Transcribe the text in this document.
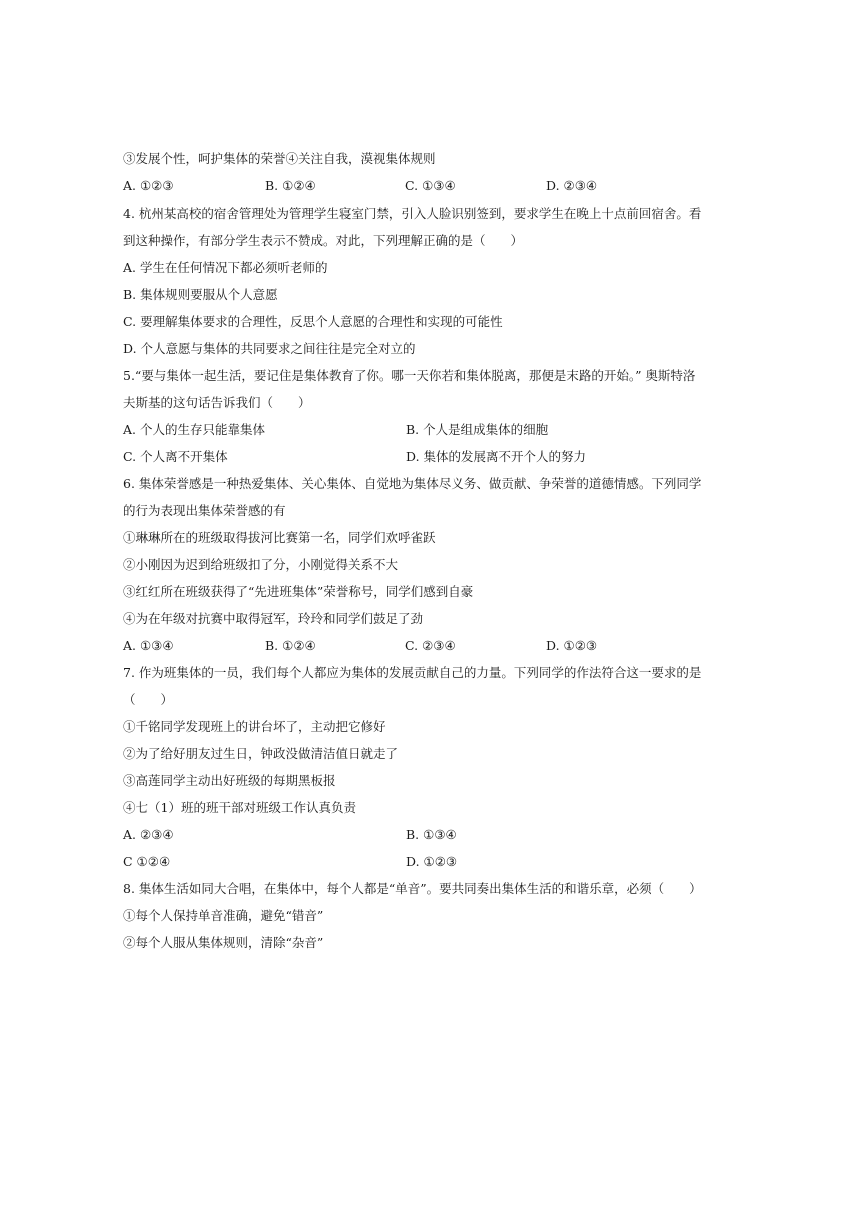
③发展个性，呵护集体的荣誉④关注自我，漠视集体规则
A. ①②③	B. ①②④	C. ①③④	D. ②③④
4. 杭州某高校的宿舍管理处为管理学生寝室门禁，引入人脸识别签到，要求学生在晚上十点前回宿舍。看
到这种操作，有部分学生表示不赞成。对此，下列理解正确的是（　　）
A. 学生在任何情况下都必须听老师的
B. 集体规则要服从个人意愿
C. 要理解集体要求的合理性，反思个人意愿的合理性和实现的可能性
D. 个人意愿与集体的共同要求之间往往是完全对立的
5.“要与集体一起生活，要记住是集体教育了你。哪一天你若和集体脱离，那便是末路的开始。” 奥斯特洛
夫斯基的这句话告诉我们（　　）
A. 个人的生存只能靠集体	B. 个人是组成集体的细胞
C. 个人离不开集体	D. 集体的发展离不开个人的努力
6. 集体荣誉感是一种热爱集体、关心集体、自觉地为集体尽义务、做贡献、争荣誉的道德情感。下列同学
的行为表现出集体荣誉感的有
①琳琳所在的班级取得拔河比赛第一名，同学们欢呼雀跃
②小刚因为迟到给班级扣了分，小刚觉得关系不大
③红红所在班级获得了“先进班集体”荣誉称号，同学们感到自豪
④为在年级对抗赛中取得冠军，玲玲和同学们鼓足了劲
A. ①③④	B. ①②④	C. ②③④	D. ①②③
7. 作为班集体的一员，我们每个人都应为集体的发展贡献自己的力量。下列同学的作法符合这一要求的是
（　　）
①千铭同学发现班上的讲台坏了，主动把它修好
②为了给好朋友过生日，钟政没做清洁值日就走了
③高莲同学主动出好班级的每期黑板报
④七（1）班的班干部对班级工作认真负责
A. ②③④	B. ①③④
C ①②④	D. ①②③
8. 集体生活如同大合唱，在集体中，每个人都是“单音”。要共同奏出集体生活的和谐乐章，必须（　　）
①每个人保持单音准确，避免“错音”
②每个人服从集体规则，清除“杂音”
